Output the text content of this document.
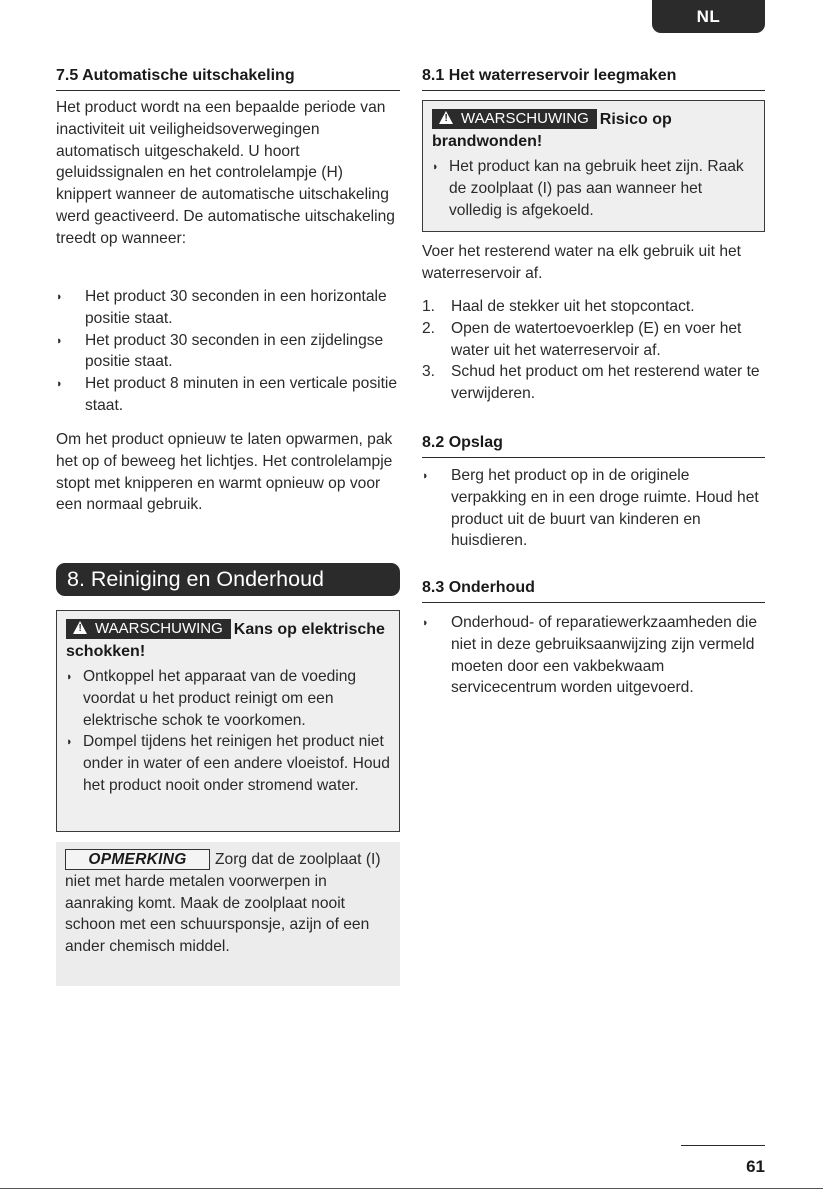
NL
7.5 Automatische uitschakeling
Het product wordt na een bepaalde periode van inactiviteit uit veiligheidsoverwegingen automatisch uitgeschakeld. U hoort geluidssignalen en het controlelampje (H) knippert wanneer de automatische uitschakeling werd geactiveerd. De automatische uitschakeling treedt op wanneer:
◗ Het product 30 seconden in een horizontale positie staat.
◗ Het product 30 seconden in een zijdelingse positie staat.
◗ Het product 8 minuten in een verticale positie staat.
Om het product opnieuw te laten opwarmen, pak het op of beweeg het lichtjes. Het controlelampje stopt met knipperen en warmt opnieuw op voor een normaal gebruik.
8. Reiniging en Onderhoud
! WAARSCHUWING Kans op elektrische schokken!
◗ Ontkoppel het apparaat van de voeding voordat u het product reinigt om een elektrische schok te voorkomen.
◗ Dompel tijdens het reinigen het product niet onder in water of een andere vloeistof. Houd het product nooit onder stromend water.
OPMERKING Zorg dat de zoolplaat (I) niet met harde metalen voorwerpen in aanraking komt. Maak de zoolplaat nooit schoon met een schuursponsje, azijn of een ander chemisch middel.
8.1 Het waterreservoir leegmaken
! WAARSCHUWING Risico op brandwonden!
◗ Het product kan na gebruik heet zijn. Raak de zoolplaat (I) pas aan wanneer het volledig is afgekoeld.
Voer het resterend water na elk gebruik uit het waterreservoir af.
1. Haal de stekker uit het stopcontact.
2. Open de watertoevoerklep (E) en voer het water uit het waterreservoir af.
3. Schud het product om het resterend water te verwijderen.
8.2 Opslag
◗ Berg het product op in de originele verpakking en in een droge ruimte. Houd het product uit de buurt van kinderen en huisdieren.
8.3 Onderhoud
◗ Onderhoud- of reparatiewerkzaamheden die niet in deze gebruiksaanwijzing zijn vermeld moeten door een vakbekwaam servicecentrum worden uitgevoerd.
61
